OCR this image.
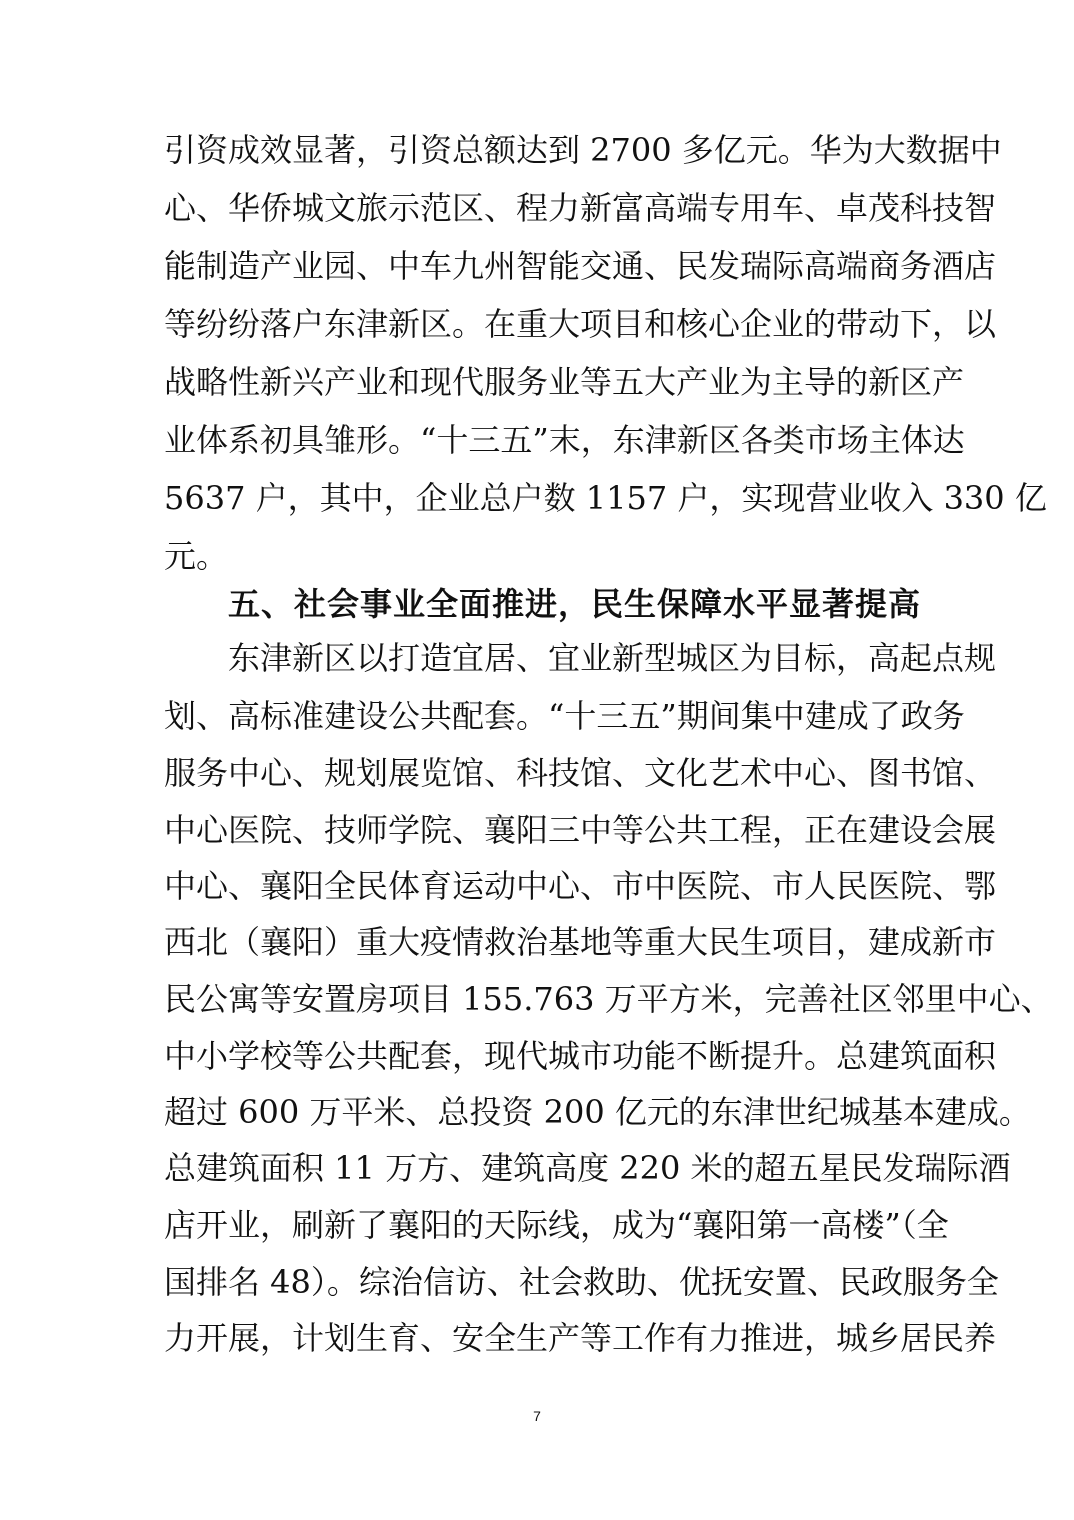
引资成效显著，引资总额达到 2700 多亿元。华为大数据中
心、华侨城文旅示范区、程力新富高端专用车、卓茂科技智
能制造产业园、中车九州智能交通、民发瑞际高端商务酒店
等纷纷落户东津新区。在重大项目和核心企业的带动下，以
战略性新兴产业和现代服务业等五大产业为主导的新区产
业体系初具雏形。“十三五”末，东津新区各类市场主体达
5637 户，其中，企业总户数 1157 户，实现营业收入 330 亿
元。
五、社会事业全面推进，民生保障水平显著提高
东津新区以打造宜居、宜业新型城区为目标，高起点规
划、高标准建设公共配套。“十三五”期间集中建成了政务
服务中心、规划展览馆、科技馆、文化艺术中心、图书馆、
中心医院、技师学院、襄阳三中等公共工程，正在建设会展
中心、襄阳全民体育运动中心、市中医院、市人民医院、鄂
西北（襄阳）重大疫情救治基地等重大民生项目，建成新市
民公寓等安置房项目 155.763 万平方米，完善社区邻里中心、
中小学校等公共配套，现代城市功能不断提升。总建筑面积
超过 600 万平米、总投资 200 亿元的东津世纪城基本建成。
总建筑面积 11 万方、建筑高度 220 米的超五星民发瑞际酒
店开业，刷新了襄阳的天际线，成为“襄阳第一高楼”（全
国排名 48）。综治信访、社会救助、优抚安置、民政服务全
力开展，计划生育、安全生产等工作有力推进，城乡居民养
7
